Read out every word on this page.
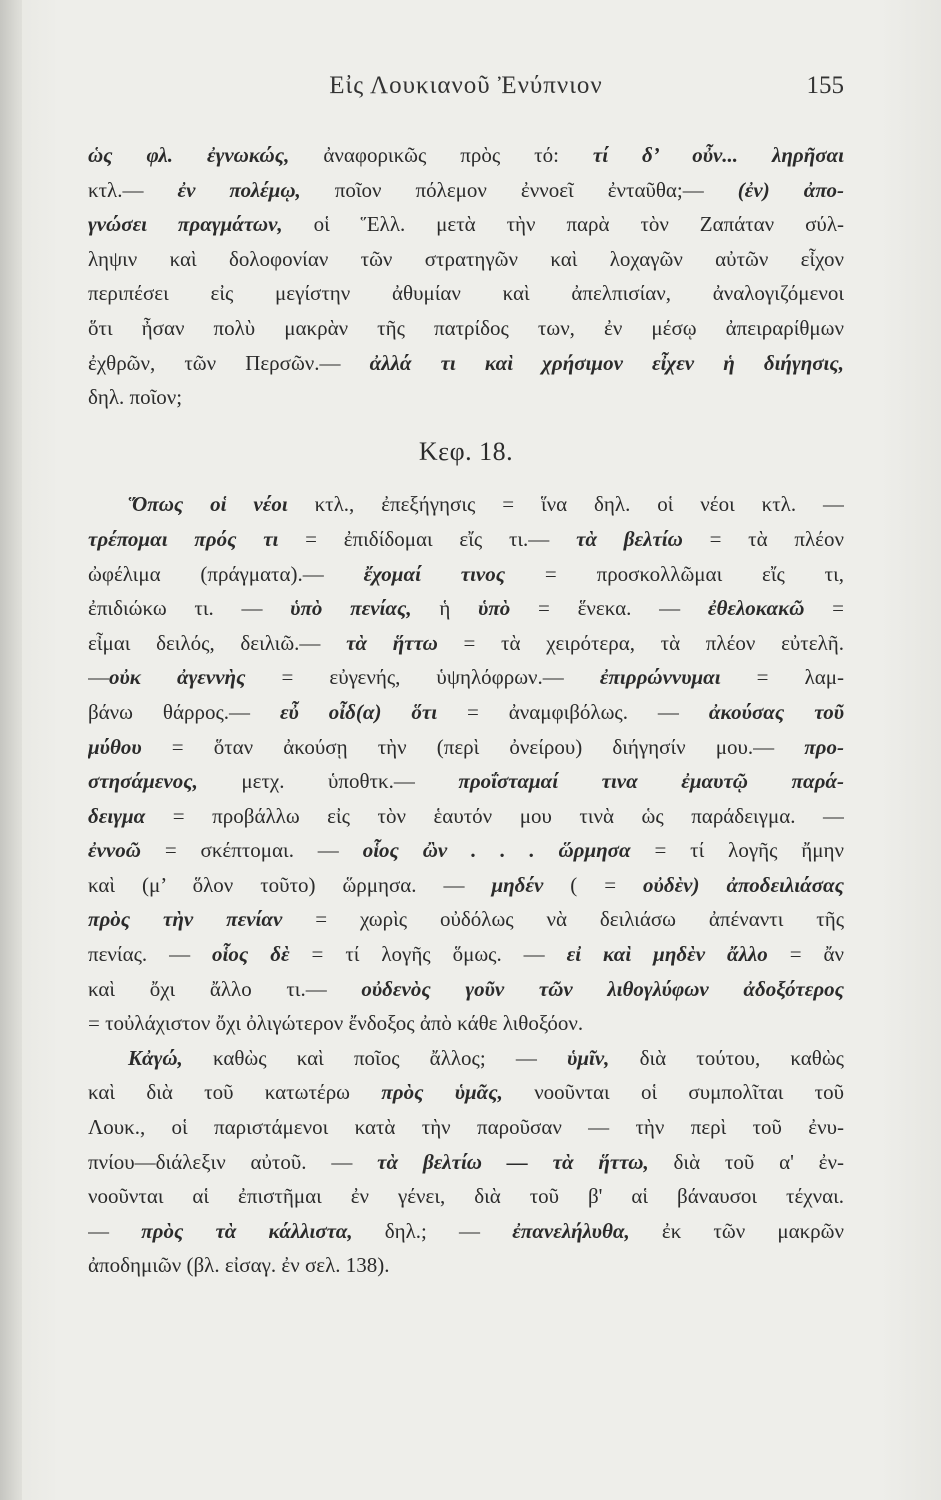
Εἰς Λουκιανοῦ Ἐνύπνιον	155
ὡς φλ. ἐγνωκώς, ἀναφορικῶς πρὸς τό: τί δ’ οὖν... ληρῆσαι
κτλ.— ἐν πολέμῳ, ποῖον πόλεμον ἐννοεῖ ἐνταῦθα;— (ἐν) ἀπο-
γνώσει πραγμάτων, οἱ Ἕλλ. μετὰ τὴν παρὰ τὸν Ζαπάταν σύλ-
ληψιν καὶ δολοφονίαν τῶν στρατηγῶν καὶ λοχαγῶν αὐτῶν εἶχον
περιπέσει εἰς μεγίστην ἀθυμίαν καὶ ἀπελπισίαν, ἀναλογιζόμενοι
ὅτι ἦσαν πολὺ μακρὰν τῆς πατρίδος των, ἐν μέσῳ ἀπειραρίθμων
ἐχθρῶν, τῶν Περσῶν.— ἀλλά τι καὶ χρήσιμον εἶχεν ἡ διήγησις,
δηλ. ποῖον;
Κεφ. 18.
Ὅπως οἱ νέοι κτλ., ἐπεξήγησις = ἵνα δηλ. οἱ νέοι κτλ. —
τρέπομαι πρός τι = ἐπιδίδομαι εἴς τι.— τὰ βελτίω = τὰ πλέον
ὠφέλιμα (πράγματα).— ἔχομαί τινος = προσκολλῶμαι εἴς τι,
ἐπιδιώκω τι. — ὑπὸ πενίας, ἡ ὑπὸ = ἕνεκα. — ἐθελοκακῶ =
εἶμαι δειλός, δειλιῶ.— τὰ ἥττω = τὰ χειρότερα, τὰ πλέον εὐτελῆ.
—οὐκ ἀγεννὴς = εὐγενής, ὑψηλόφρων.— ἐπιρρώννυμαι = λαμ-
βάνω θάρρος.— εὖ οἶδ(α) ὅτι = ἀναμφιβόλως. — ἀκούσας τοῦ
μύθου = ὅταν ἀκούσῃ τὴν (περὶ ὀνείρου) διήγησίν μου.— προ-
στησάμενος, μετχ. ὑποθτκ.— προΐσταμαί τινα ἐμαυτῷ παρά-
δειγμα = προβάλλω εἰς τὸν ἑαυτόν μου τινὰ ὡς παράδειγμα. —
ἐννοῶ = σκέπτομαι. — οἷος ὢν . . . ὥρμησα = τί λογῆς ἤμην
καὶ (μ’ ὅλον τοῦτο) ὥρμησα. — μηδέν ( = οὐδὲν) ἀποδειλιάσας
πρὸς τὴν πενίαν = χωρὶς οὐδόλως νὰ δειλιάσω ἀπέναντι τῆς
πενίας. — οἷος δὲ = τί λογῆς ὅμως. — εἰ καὶ μηδὲν ἄλλο = ἄν
καὶ ὄχι ἄλλο τι.— οὐδενὸς γοῦν τῶν λιθογλύφων ἀδοξότερος
= τοὐλάχιστον ὄχι ὀλιγώτερον ἔνδοξος ἀπὸ κάθε λιθοξόον.
Κἀγώ, καθὼς καὶ ποῖος ἄλλος; — ὑμῖν, διὰ τούτου, καθὼς
καὶ διὰ τοῦ κατωτέρω πρὸς ὑμᾶς, νοοῦνται οἱ συμπολῖται τοῦ
Λουκ., οἱ παριστάμενοι κατὰ τὴν παροῦσαν — τὴν περὶ τοῦ ἐνυ-
πνίου—διάλεξιν αὐτοῦ. — τὰ βελτίω — τὰ ἥττω, διὰ τοῦ α' ἐν-
νοοῦνται αἱ ἐπιστῆμαι ἐν γένει, διὰ τοῦ β' αἱ βάναυσοι τέχναι.
— πρὸς τὰ κάλλιστα, δηλ.; — ἐπανελήλυθα, ἐκ τῶν μακρῶν
ἀποδημιῶν (βλ. εἰσαγ. ἐν σελ. 138).
